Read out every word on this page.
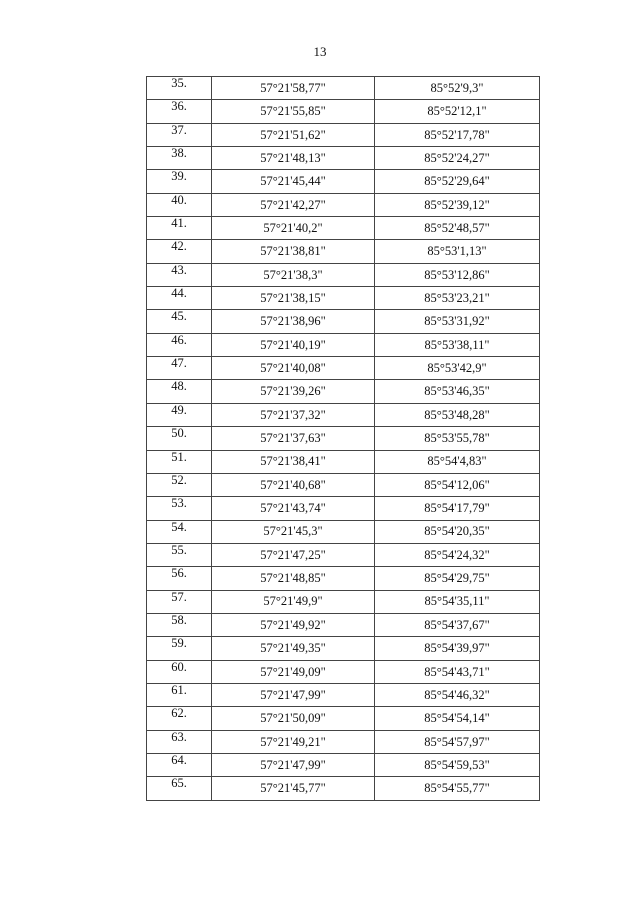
13
35.	57°21'58,77"	85°52'9,3"
36.	57°21'55,85"	85°52'12,1"
37.	57°21'51,62"	85°52'17,78"
38.	57°21'48,13"	85°52'24,27"
39.	57°21'45,44"	85°52'29,64"
40.	57°21'42,27"	85°52'39,12"
41.	57°21'40,2"	85°52'48,57"
42.	57°21'38,81"	85°53'1,13"
43.	57°21'38,3"	85°53'12,86"
44.	57°21'38,15"	85°53'23,21"
45.	57°21'38,96"	85°53'31,92"
46.	57°21'40,19"	85°53'38,11"
47.	57°21'40,08"	85°53'42,9"
48.	57°21'39,26"	85°53'46,35"
49.	57°21'37,32"	85°53'48,28"
50.	57°21'37,63"	85°53'55,78"
51.	57°21'38,41"	85°54'4,83"
52.	57°21'40,68"	85°54'12,06"
53.	57°21'43,74"	85°54'17,79"
54.	57°21'45,3"	85°54'20,35"
55.	57°21'47,25"	85°54'24,32"
56.	57°21'48,85"	85°54'29,75"
57.	57°21'49,9"	85°54'35,11"
58.	57°21'49,92"	85°54'37,67"
59.	57°21'49,35"	85°54'39,97"
60.	57°21'49,09"	85°54'43,71"
61.	57°21'47,99"	85°54'46,32"
62.	57°21'50,09"	85°54'54,14"
63.	57°21'49,21"	85°54'57,97"
64.	57°21'47,99"	85°54'59,53"
65.	57°21'45,77"	85°54'55,77"
